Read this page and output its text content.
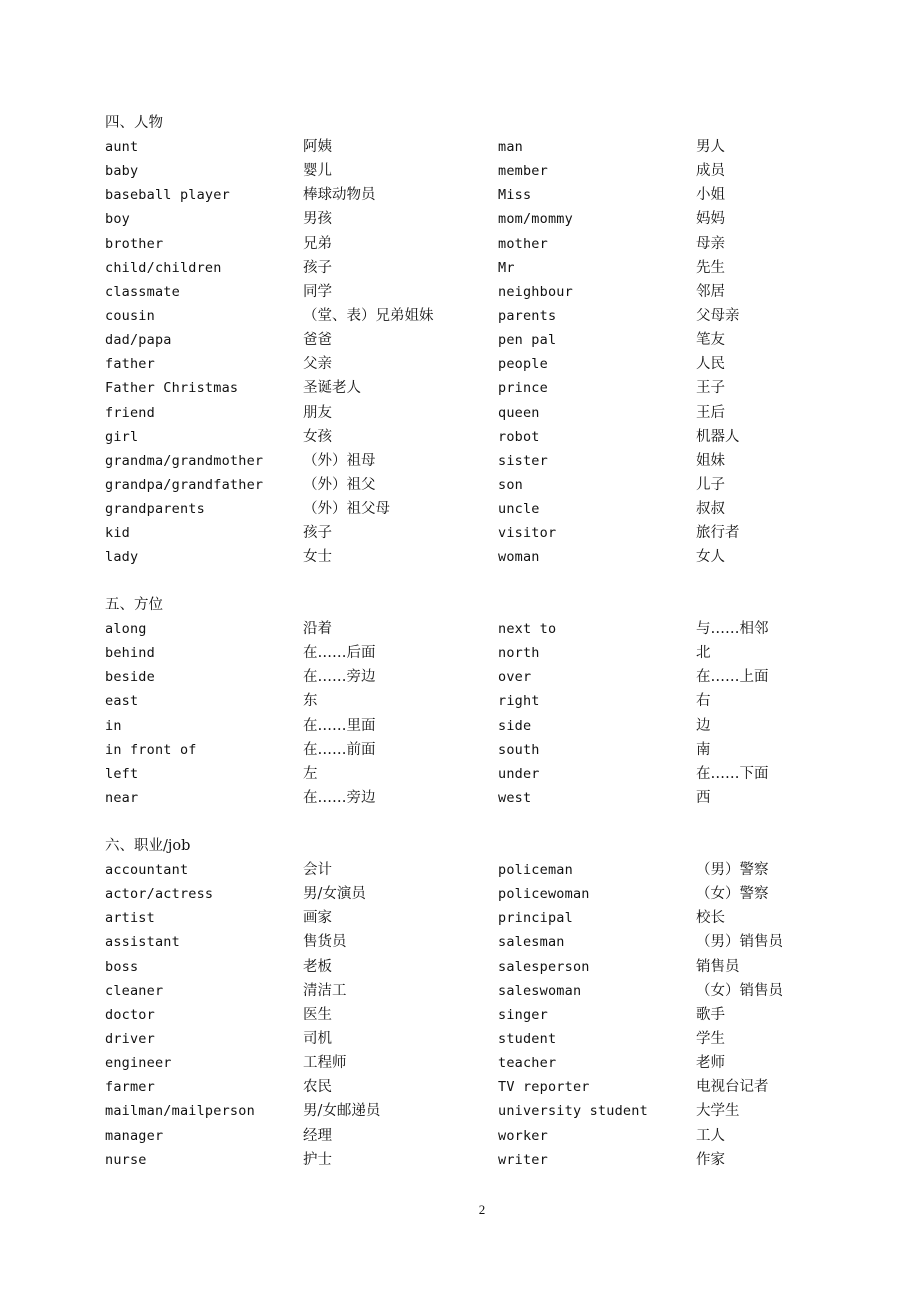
四、人物
aunt	阿姨	man	男人
baby	婴儿	member	成员
baseball player	棒球动物员	Miss	小姐
boy	男孩	mom/mommy	妈妈
brother	兄弟	mother	母亲
child/children	孩子	Mr	先生
classmate	同学	neighbour	邻居
cousin	（堂、表）兄弟姐妹	parents	父母亲
dad/papa	爸爸	pen pal	笔友
father	父亲	people	人民
Father Christmas	圣诞老人	prince	王子
friend	朋友	queen	王后
girl	女孩	robot	机器人
grandma/grandmother	（外）祖母	sister	姐妹
grandpa/grandfather	（外）祖父	son	儿子
grandparents	（外）祖父母	uncle	叔叔
kid	孩子	visitor	旅行者
lady	女士	woman	女人
五、方位
along	沿着	next to	与……相邻
behind	在……后面	north	北
beside	在……旁边	over	在……上面
east	东	right	右
in	在……里面	side	边
in front of	在……前面	south	南
left	左	under	在……下面
near	在……旁边	west	西
六、职业/job
accountant	会计	policeman	（男）警察
actor/actress	男/女演员	policewoman	（女）警察
artist	画家	principal	校长
assistant	售货员	salesman	（男）销售员
boss	老板	salesperson	销售员
cleaner	清洁工	saleswoman	（女）销售员
doctor	医生	singer	歌手
driver	司机	student	学生
engineer	工程师	teacher	老师
farmer	农民	TV reporter	电视台记者
mailman/mailperson	男/女邮递员	university student	大学生
manager	经理	worker	工人
nurse	护士	writer	作家
2
